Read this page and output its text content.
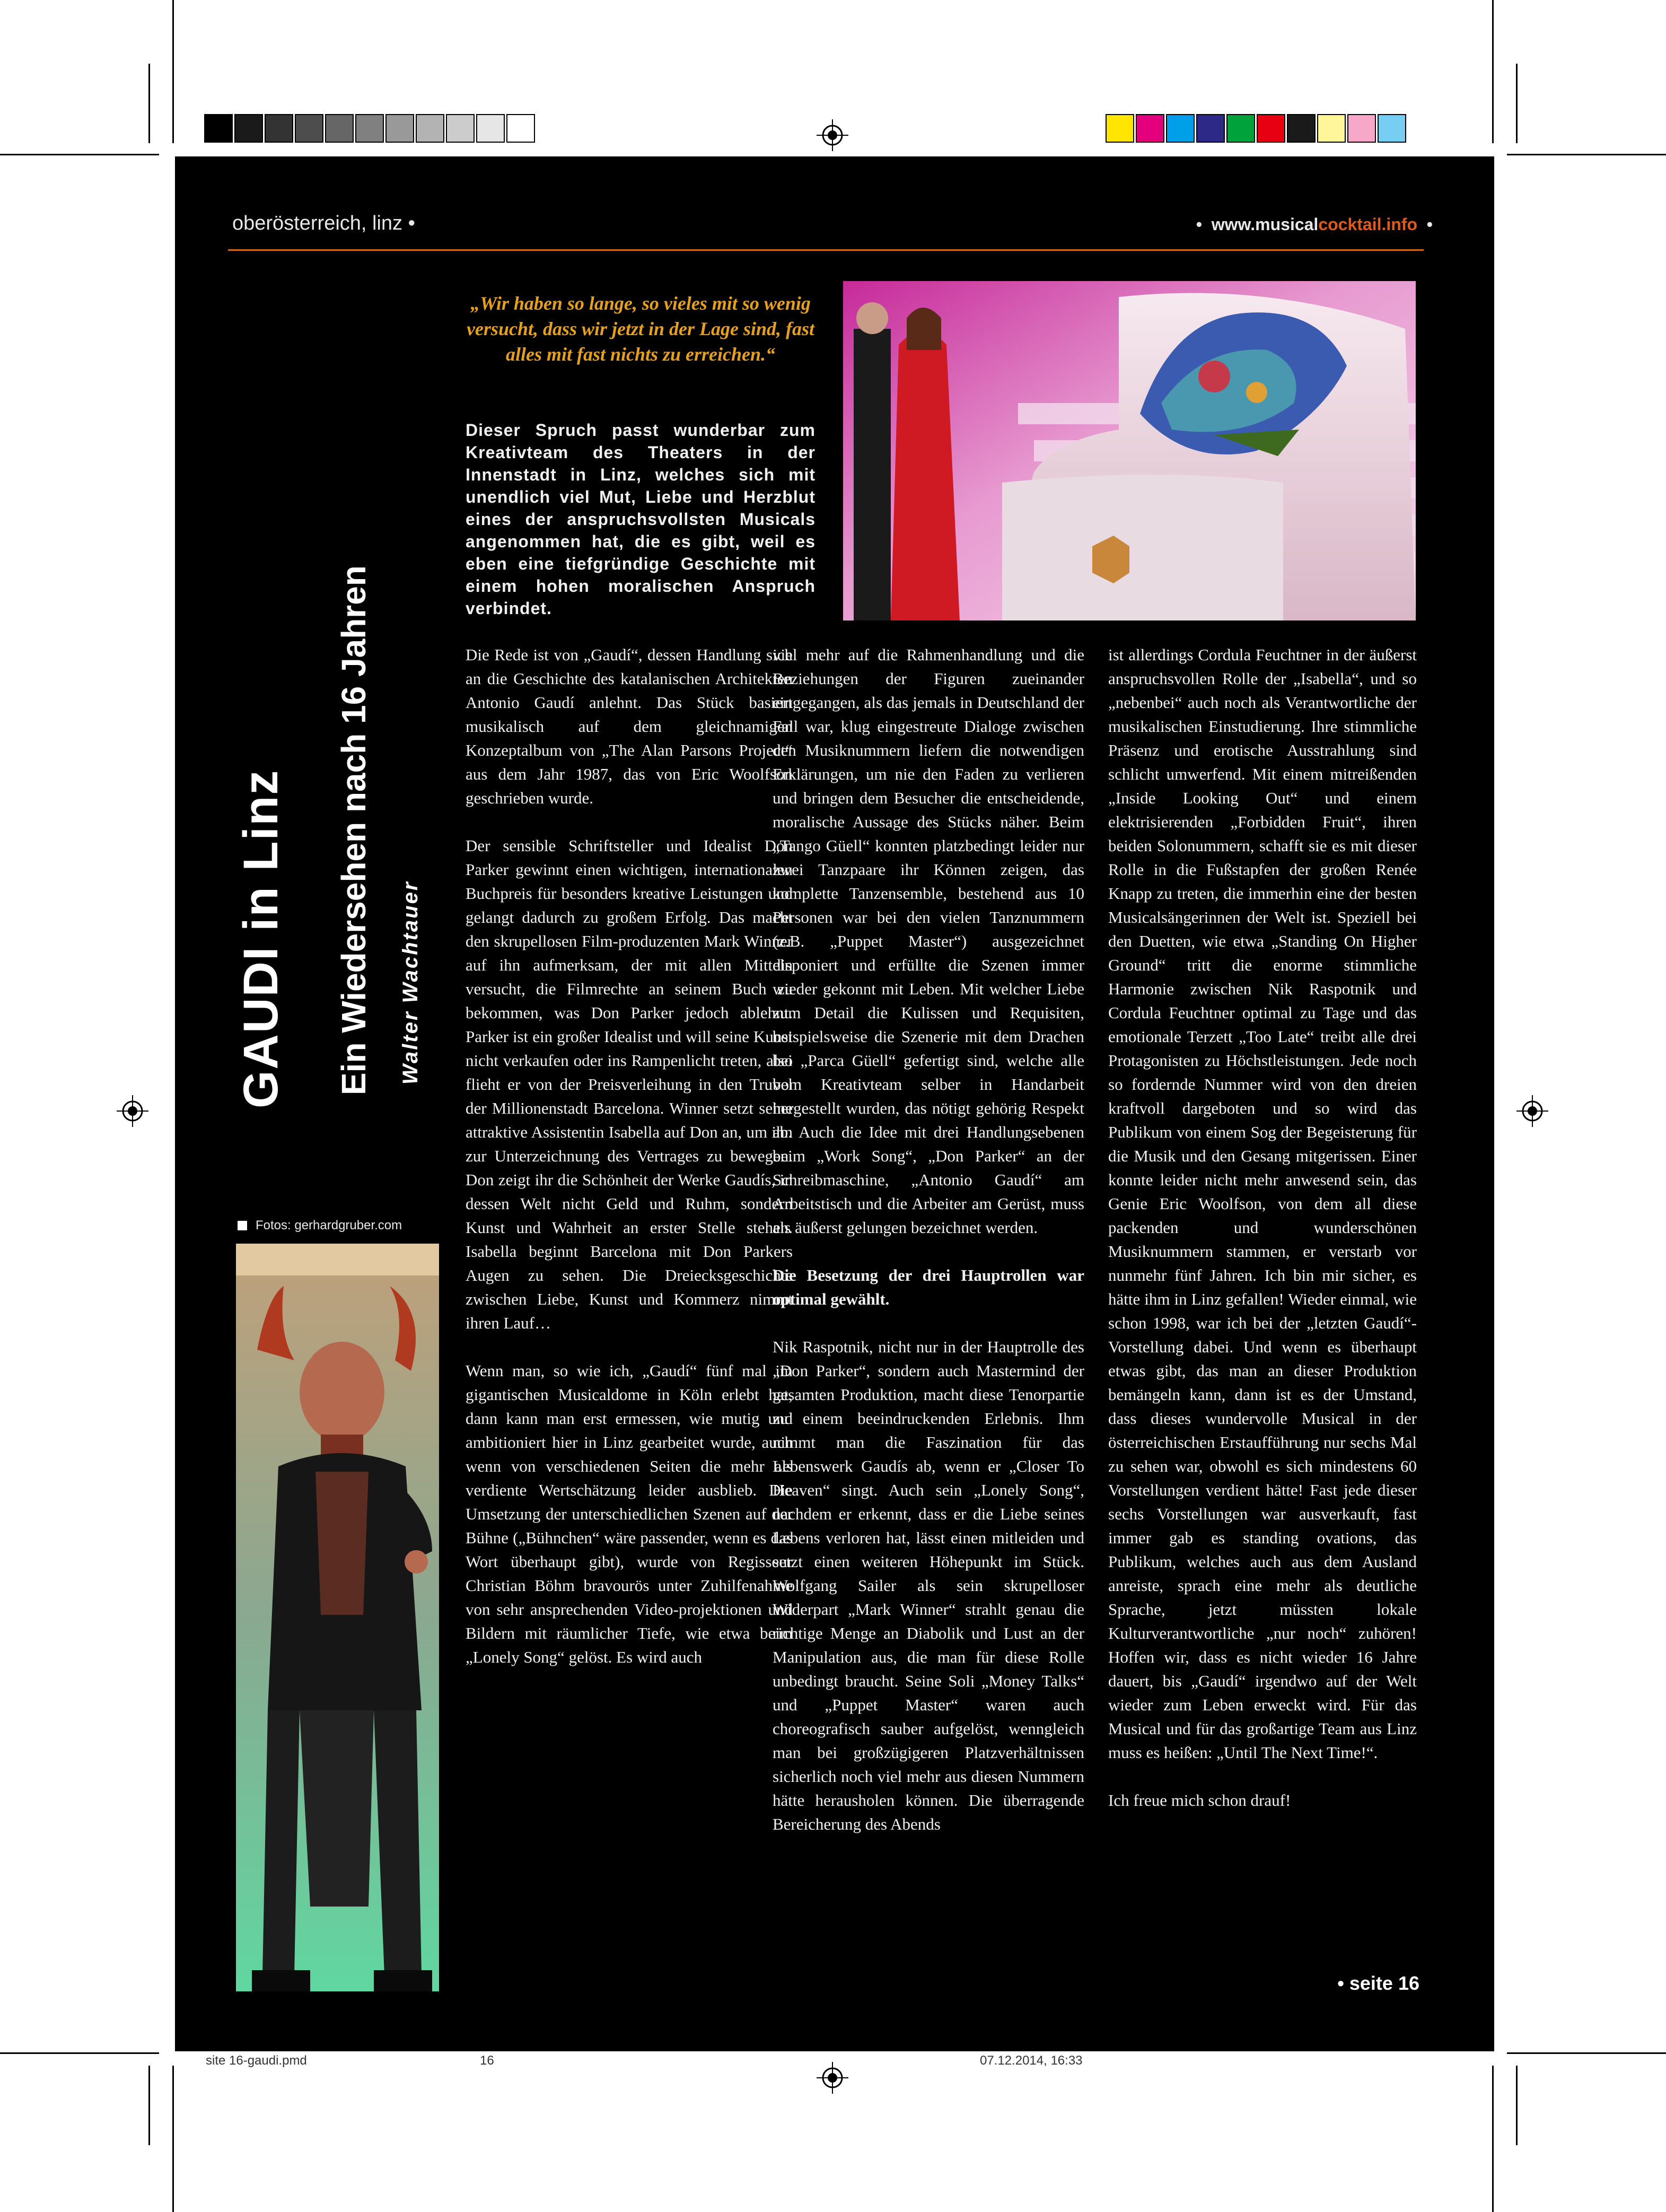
oberösterreich, linz •	•  www.musicalcocktail.info  •
GAUDI in Linz Ein Wiedersehen nach 16 Jahren Walter Wachtauer
„Wir haben so lange, so vieles mit so wenig versucht, dass wir jetzt in der Lage sind, fast alles mit fast nichts zu erreichen.“
Dieser Spruch passt wunderbar zum Kreativteam des Theaters in der Innenstadt in Linz, welches sich mit unendlich viel Mut, Liebe und Herzblut eines der anspruchsvollsten Musicals angenommen hat, die es gibt, weil es eben eine tiefgründige Geschichte mit einem hohen moralischen Anspruch verbindet.
Fotos: gerhardgruber.com

Die Rede ist von „Gaudí“, dessen Handlung sich an die Geschichte des katalanischen Architekten Antonio Gaudí anlehnt. Das Stück basiert musikalisch auf dem gleichnamigen Konzeptalbum von „The Alan Parsons Project“ aus dem Jahr 1987, das von Eric Woolfson geschrieben wurde.

Der sensible Schriftsteller und Idealist Don Parker gewinnt einen wichtigen, internationalen Buchpreis für besonders kreative Leistungen und gelangt dadurch zu großem Erfolg. Das macht den skrupellosen Film-produzenten Mark Winner auf ihn aufmerksam, der mit allen Mitteln versucht, die Filmrechte an seinem Buch zu bekommen, was Don Parker jedoch ablehnt. Parker ist ein großer Idealist und will seine Kunst nicht verkaufen oder ins Rampenlicht treten, also flieht er von der Preisverleihung in den Trubel der Millionenstadt Barcelona. Winner setzt seine attraktive Assistentin Isabella auf Don an, um ihn zur Unterzeichnung des Vertrages zu bewegen. Don zeigt ihr die Schönheit der Werke Gaudís, in dessen Welt nicht Geld und Ruhm, sondern Kunst und Wahrheit an erster Stelle stehen. Isabella beginnt Barcelona mit Don Parkers Augen zu sehen. Die Dreiecksgeschichte zwischen Liebe, Kunst und Kommerz nimmt ihren Lauf…

Wenn man, so wie ich, „Gaudí“ fünf mal im gigantischen Musicaldome in Köln erlebt hat, dann kann man erst ermessen, wie mutig und ambitioniert hier in Linz gearbeitet wurde, auch wenn von verschiedenen Seiten die mehr als verdiente Wertschätzung leider ausblieb. Die Umsetzung der unterschiedlichen Szenen auf der Bühne („Bühnchen“ wäre passender, wenn es das Wort überhaupt gibt), wurde von Regisseur Christian Böhm bravourös unter Zuhilfenahme von sehr ansprechenden Video-projektionen und Bildern mit räumlicher Tiefe, wie etwa beim „Lonely Song“ gelöst. Es wird auch

viel mehr auf die Rahmenhandlung und die Beziehungen der Figuren zueinander eingegangen, als das jemals in Deutschland der Fall war, klug eingestreute Dialoge zwischen den Musiknummern liefern die notwendigen Erklärungen, um nie den Faden zu verlieren und bringen dem Besucher die entscheidende, moralische Aussage des Stücks näher. Beim „Tango Güell“ konnten platzbedingt leider nur zwei Tanzpaare ihr Können zeigen, das komplette Tanzensemble, bestehend aus 10 Personen war bei den vielen Tanznummern (z.B. „Puppet Master“) ausgezeichnet disponiert und erfüllte die Szenen immer wieder gekonnt mit Leben. Mit welcher Liebe zum Detail die Kulissen und Requisiten, beispielsweise die Szenerie mit dem Drachen bei „Parca Güell“ gefertigt sind, welche alle vom Kreativteam selber in Handarbeit hergestellt wurden, das nötigt gehörig Respekt ab. Auch die Idee mit drei Handlungsebenen beim „Work Song“, „Don Parker“ an der Schreibmaschine, „Antonio Gaudí“ am Arbeitstisch und die Arbeiter am Gerüst, muss als äußerst gelungen bezeichnet werden.

Die Besetzung der drei Hauptrollen war optimal gewählt.

Nik Raspotnik, nicht nur in der Hauptrolle des „Don Parker“, sondern auch Mastermind der gesamten Produktion, macht diese Tenorpartie zu einem beeindruckenden Erlebnis. Ihm nimmt man die Faszination für das Lebenswerk Gaudís ab, wenn er „Closer To Heaven“ singt. Auch sein „Lonely Song“, nachdem er erkennt, dass er die Liebe seines Lebens verloren hat, lässt einen mitleiden und setzt einen weiteren Höhepunkt im Stück. Wolfgang Sailer als sein skrupelloser Widerpart „Mark Winner“ strahlt genau die richtige Menge an Diabolik und Lust an der Manipulation aus, die man für diese Rolle unbedingt braucht. Seine Soli „Money Talks“ und „Puppet Master“ waren auch choreografisch sauber aufgelöst, wenngleich man bei großzügigeren Platzverhältnissen sicherlich noch viel mehr aus diesen Nummern hätte herausholen können. Die überragende Bereicherung des Abends

ist allerdings Cordula Feuchtner in der äußerst anspruchsvollen Rolle der „Isabella“, und so „nebenbei“ auch noch als Verantwortliche der musikalischen Einstudierung. Ihre stimmliche Präsenz und erotische Ausstrahlung sind schlicht umwerfend. Mit einem mitreißenden „Inside Looking Out“ und einem elektrisierenden „Forbidden Fruit“, ihren beiden Solonummern, schafft sie es mit dieser Rolle in die Fußstapfen der großen Renée Knapp zu treten, die immerhin eine der besten Musicalsängerinnen der Welt ist. Speziell bei den Duetten, wie etwa „Standing On Higher Ground“ tritt die enorme stimmliche Harmonie zwischen Nik Raspotnik und Cordula Feuchtner optimal zu Tage und das emotionale Terzett „Too Late“ treibt alle drei Protagonisten zu Höchstleistungen. Jede noch so fordernde Nummer wird von den dreien kraftvoll dargeboten und so wird das Publikum von einem Sog der Begeisterung für die Musik und den Gesang mitgerissen. Einer konnte leider nicht mehr anwesend sein, das Genie Eric Woolfson, von dem all diese packenden und wunderschönen Musiknummern stammen, er verstarb vor nunmehr fünf Jahren. Ich bin mir sicher, es hätte ihm in Linz gefallen! Wieder einmal, wie schon 1998, war ich bei der „letzten Gaudí“-Vorstellung dabei. Und wenn es überhaupt etwas gibt, das man an dieser Produktion bemängeln kann, dann ist es der Umstand, dass dieses wundervolle Musical in der österreichischen Erstaufführung nur sechs Mal zu sehen war, obwohl es sich mindestens 60 Vorstellungen verdient hätte! Fast jede dieser sechs Vorstellungen war ausverkauft, fast immer gab es standing ovations, das Publikum, welches auch aus dem Ausland anreiste, sprach eine mehr als deutliche Sprache, jetzt müssten lokale Kulturverantwortliche „nur noch“ zuhören! Hoffen wir, dass es nicht wieder 16 Jahre dauert, bis „Gaudí“ irgendwo auf der Welt wieder zum Leben erweckt wird. Für das Musical und für das großartige Team aus Linz muss es heißen: „Until The Next Time!“.

Ich freue mich schon drauf!

• seite 16
site 16-gaudi.pmd	16	07.12.2014, 16:33
